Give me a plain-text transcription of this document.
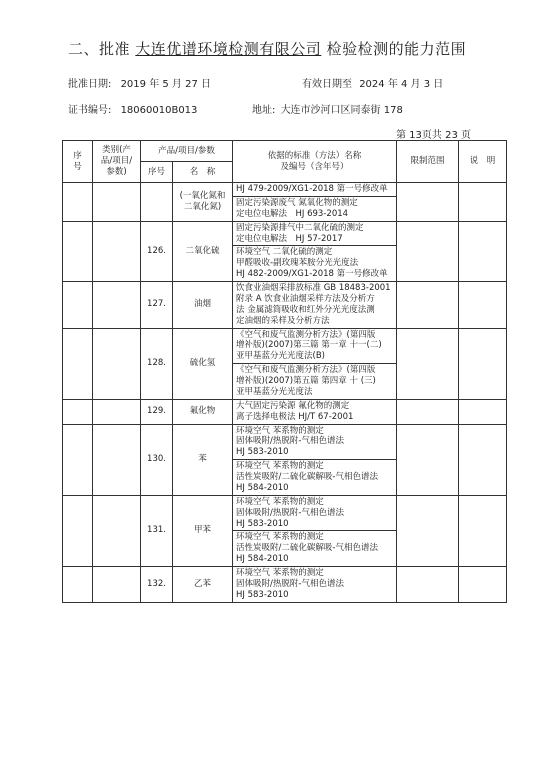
二、批准 大连优谱环境检测有限公司 检验检测的能力范围
批准日期: 2019 年 5 月 27 日	有效日期至 2024 年 4 月 3 日
证书编号: 18060010B013	地址: 大连市沙河口区同泰街 178
第 13页共 23 页
序
号	类别(产
品/项目/
参数)	产品/项目/参数		依据的标准（方法）名称
及编号（含年号）	限制范围	说　明
		序号	名　称			

			(一氧化氮和
二氧化氮)	HJ 479-2009/XG1-2018 第一号修改单		

				固定污染源废气 氮氧化物的测定
定电位电解法　HJ 693-2014		

		126.	二氧化硫	固定污染源排气中二氧化硫的测定
定电位电解法　HJ 57-2017		

				环境空气 二氧化硫的测定
甲醛吸收-副玫瑰苯胺分光光度法
HJ 482-2009/XG1-2018 第一号修改单		

		127.	油烟	饮食业油烟采排放标准 GB 18483-2001
附录 A 饮食业油烟采样方法及分析方
法 金属滤筒吸收和红外分光光度法测
定油烟的采样及分析方法		

		128.	硫化氢	《空气和废气监测分析方法》(第四版
增补版)(2007)第三篇 第一章 十一(二)
亚甲基蓝分光光度法(B)		

				《空气和废气监测分析方法》(第四版
增补版)(2007)第五篇 第四章 十 (三)
亚甲基蓝分光光度法		

		129.	氟化物	大气固定污染源 氟化物的测定
离子选择电极法 HJ/T 67-2001		

		130.	苯	环境空气 苯系物的测定
固体吸附/热脱附-气相色谱法
HJ 583-2010		

				环境空气 苯系物的测定
活性炭吸附/二硫化碳解吸-气相色谱法
HJ 584-2010		

		131.	甲苯	环境空气 苯系物的测定
固体吸附/热脱附-气相色谱法
HJ 583-2010		

				环境空气 苯系物的测定
活性炭吸附/二硫化碳解吸-气相色谱法
HJ 584-2010		

		132.	乙苯	环境空气 苯系物的测定
固体吸附/热脱附-气相色谱法
HJ 583-2010		
